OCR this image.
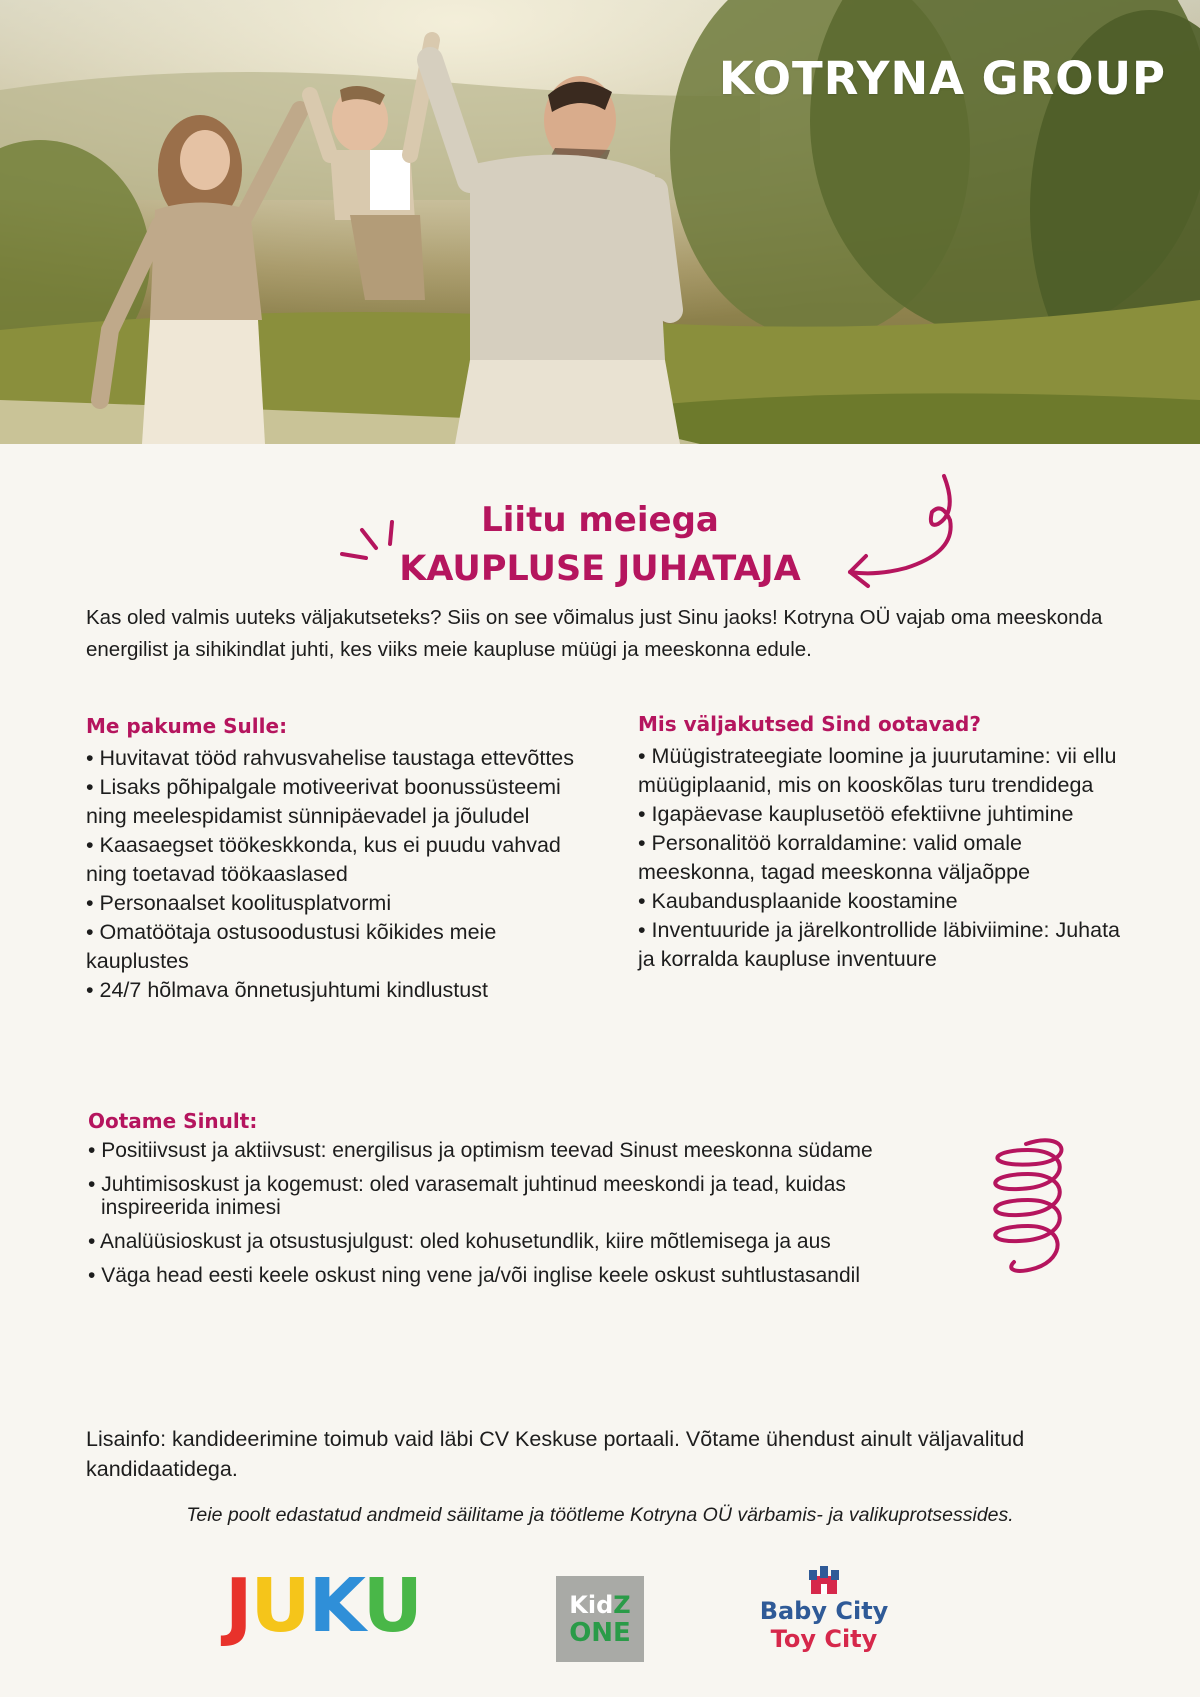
KOTRYNA GROUP
Liitu meiega
KAUPLUSE JUHATAJA
Kas oled valmis uuteks väljakutseteks? Siis on see võimalus just Sinu jaoks! Kotryna OÜ vajab oma meeskonda energilist ja sihikindlat juhti, kes viiks meie kaupluse müügi ja meeskonna edule.
Me pakume Sulle:
• Huvitavat tööd rahvusvahelise taustaga ettevõttes
• Lisaks põhipalgale motiveerivat boonussüsteemi ning meelespidamist sünnipäevadel ja jõuludel
• Kaasaegset töökeskkonda, kus ei puudu vahvad ning toetavad töökaaslased
• Personaalset koolitusplatvormi
• Omatöötaja ostusoodustusi kõikides meie kauplustes
• 24/7 hõlmava õnnetusjuhtumi kindlustust
Mis väljakutsed Sind ootavad?
• Müügistrateegiate loomine ja juurutamine: vii ellu müügiplaanid, mis on kooskõlas turu trendidega
• Igapäevase kauplusetöö efektiivne juhtimine
• Personalitöö korraldamine: valid omale meeskonna, tagad meeskonna väljaõppe
• Kaubandusplaanide koostamine
• Inventuuride ja järelkontrollide läbiviimine: Juhata ja korralda kaupluse inventuure
Ootame Sinult:
• Positiivsust ja aktiivsust: energilisus ja optimism teevad Sinust meeskonna südame
• Juhtimisoskust ja kogemust: oled varasemalt juhtinud meeskondi ja tead, kuidas inspireerida inimesi
• Analüüsioskust ja otsustusjulgust: oled kohusetundlik, kiire mõtlemisega ja aus
• Väga head eesti keele oskust ning vene ja/või inglise keele oskust suhtlustasandil
Lisainfo: kandideerimine toimub vaid läbi CV Keskuse portaali. Võtame ühendust ainult väljavalitud kandidaatidega.
Teie poolt edastatud andmeid säilitame ja töötleme Kotryna OÜ värbamis- ja valikuprotsessides.
JUKU	KidZ
ONE
Baby City
Toy City
